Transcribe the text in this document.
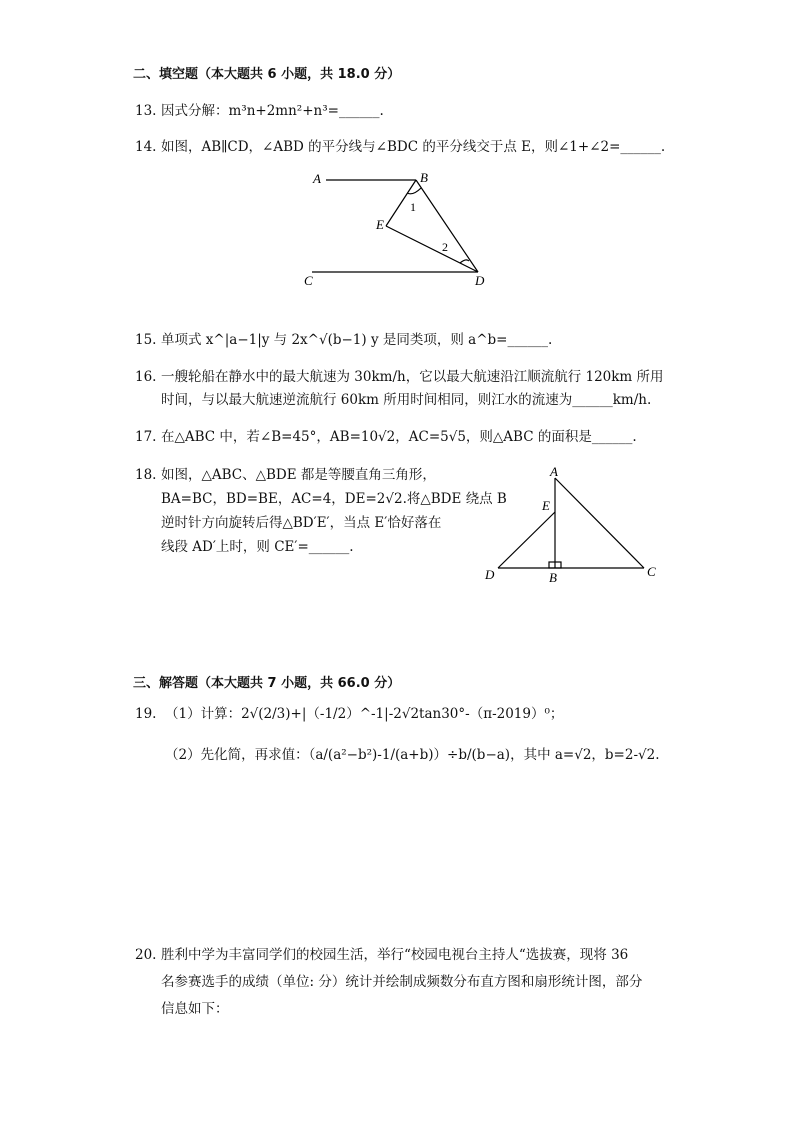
二、填空题（本大题共 6 小题，共 18.0 分）
13. 因式分解：m³n+2mn²+n³=______.
14. 如图，AB∥CD，∠ABD 的平分线与∠BDC 的平分线交于点 E，则∠1+∠2=______.
A	B
C	D
E
1
2
15. 单项式 x^|a−1|y 与 2x^√(b−1) y 是同类项，则 a^b=______.
16. 一艘轮船在静水中的最大航速为 30km/h，它以最大航速沿江顺流航行 120km 所用
时间，与以最大航速逆流航行 60km 所用时间相同，则江水的流速为______km/h.
17. 在△ABC 中，若∠B=45°，AB=10√2，AC=5√5，则△ABC 的面积是______.
18. 如图，△ABC、△BDE 都是等腰直角三角形，
BA=BC，BD=BE，AC=4，DE=2√2.将△BDE 绕点 B
逆时针方向旋转后得△BD′E′，当点 E′恰好落在
线段 AD′上时，则 CE′=______.
A
E
D	B	C
三、解答题（本大题共 7 小题，共 66.0 分）
19. （1）计算：2√(2/3)+|（-1/2）^-1|-2√2tan30°-（π-2019）⁰；
（2）先化简，再求值：（a/(a²−b²)-1/(a+b)）÷b/(b−a)，其中 a=√2，b=2-√2.
20. 胜利中学为丰富同学们的校园生活，举行“校园电视台主持人“选拔赛，现将 36
名参赛选手的成绩（单位: 分）统计并绘制成频数分布直方图和扇形统计图，部分
信息如下：
